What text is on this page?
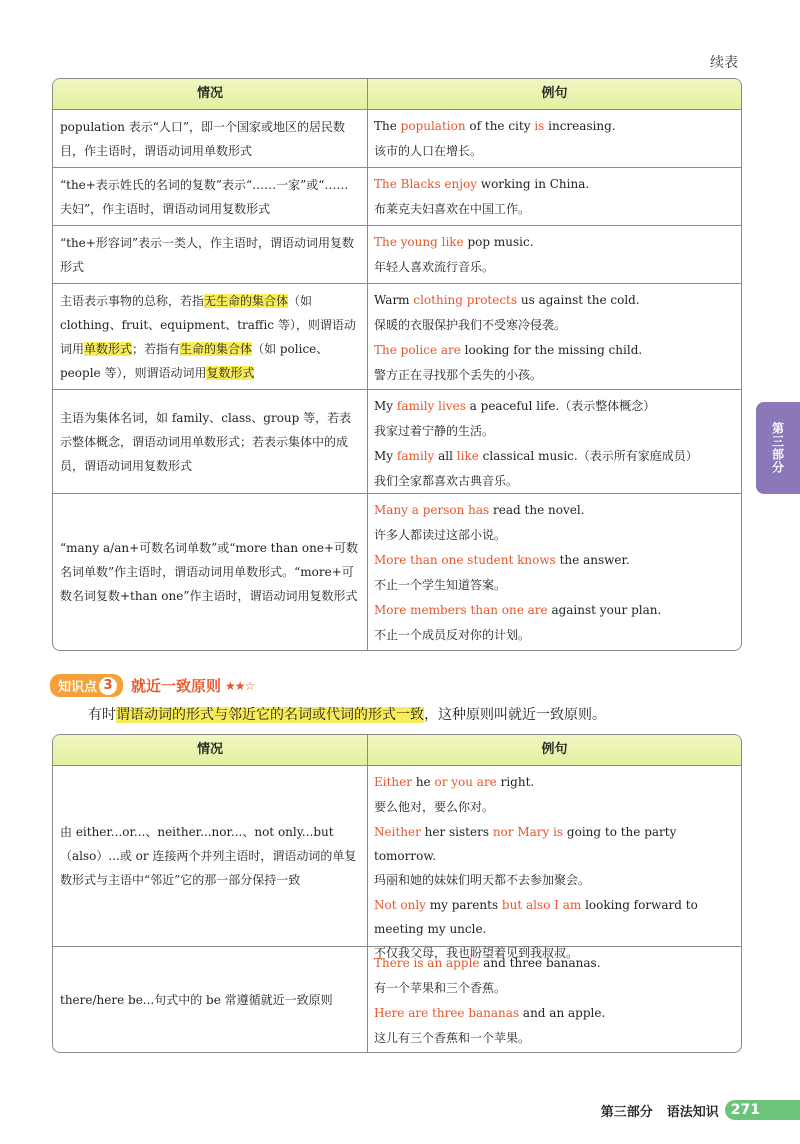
续表
情况	例句
population 表示“人口”，即一个国家或地区的居民数目，作主语时，谓语动词用单数形式
The population of the city is increasing.
该市的人口在增长。
“the+表示姓氏的名词的复数”表示“……一家”或“……夫妇”，作主语时，谓语动词用复数形式
The Blacks enjoy working in China.
布莱克夫妇喜欢在中国工作。
“the+形容词”表示一类人，作主语时，谓语动词用复数形式
The young like pop music.
年轻人喜欢流行音乐。
主语表示事物的总称，若指无生命的集合体（如 clothing、fruit、equipment、traffic 等），则谓语动词用单数形式；若指有生命的集合体（如 police、people 等），则谓语动词用复数形式
Warm clothing protects us against the cold.
保暖的衣服保护我们不受寒冷侵袭。
The police are looking for the missing child.
警方正在寻找那个丢失的小孩。
主语为集体名词，如 family、class、group 等，若表示整体概念，谓语动词用单数形式；若表示集体中的成员，谓语动词用复数形式
My family lives a peaceful life.（表示整体概念）
我家过着宁静的生活。
My family all like classical music.（表示所有家庭成员）
我们全家都喜欢古典音乐。
“many a/an+可数名词单数”或“more than one+可数名词单数”作主语时，谓语动词用单数形式。“more+可数名词复数+than one”作主语时，谓语动词用复数形式
Many a person has read the novel.
许多人都读过这部小说。
More than one student knows the answer.
不止一个学生知道答案。
More members than one are against your plan.
不止一个成员反对你的计划。
知识点 3 就近一致原则 ★★☆
有时谓语动词的形式与邻近它的名词或代词的形式一致，这种原则叫就近一致原则。
情况	例句
由 either...or...、neither...nor...、not only...but（also）...或 or 连接两个并列主语时，谓语动词的单复数形式与主语中“邻近”它的那一部分保持一致
Either he or you are right.
要么他对，要么你对。
Neither her sisters nor Mary is going to the party tomorrow.
玛丽和她的妹妹们明天都不去参加聚会。
Not only my parents but also I am looking forward to meeting my uncle.
不仅我父母，我也盼望着见到我叔叔。
there/here be...句式中的 be 常遵循就近一致原则
There is an apple and three bananas.
有一个苹果和三个香蕉。
Here are three bananas and an apple.
这儿有三个香蕉和一个苹果。
第三部分
第三部分 语法知识 271
